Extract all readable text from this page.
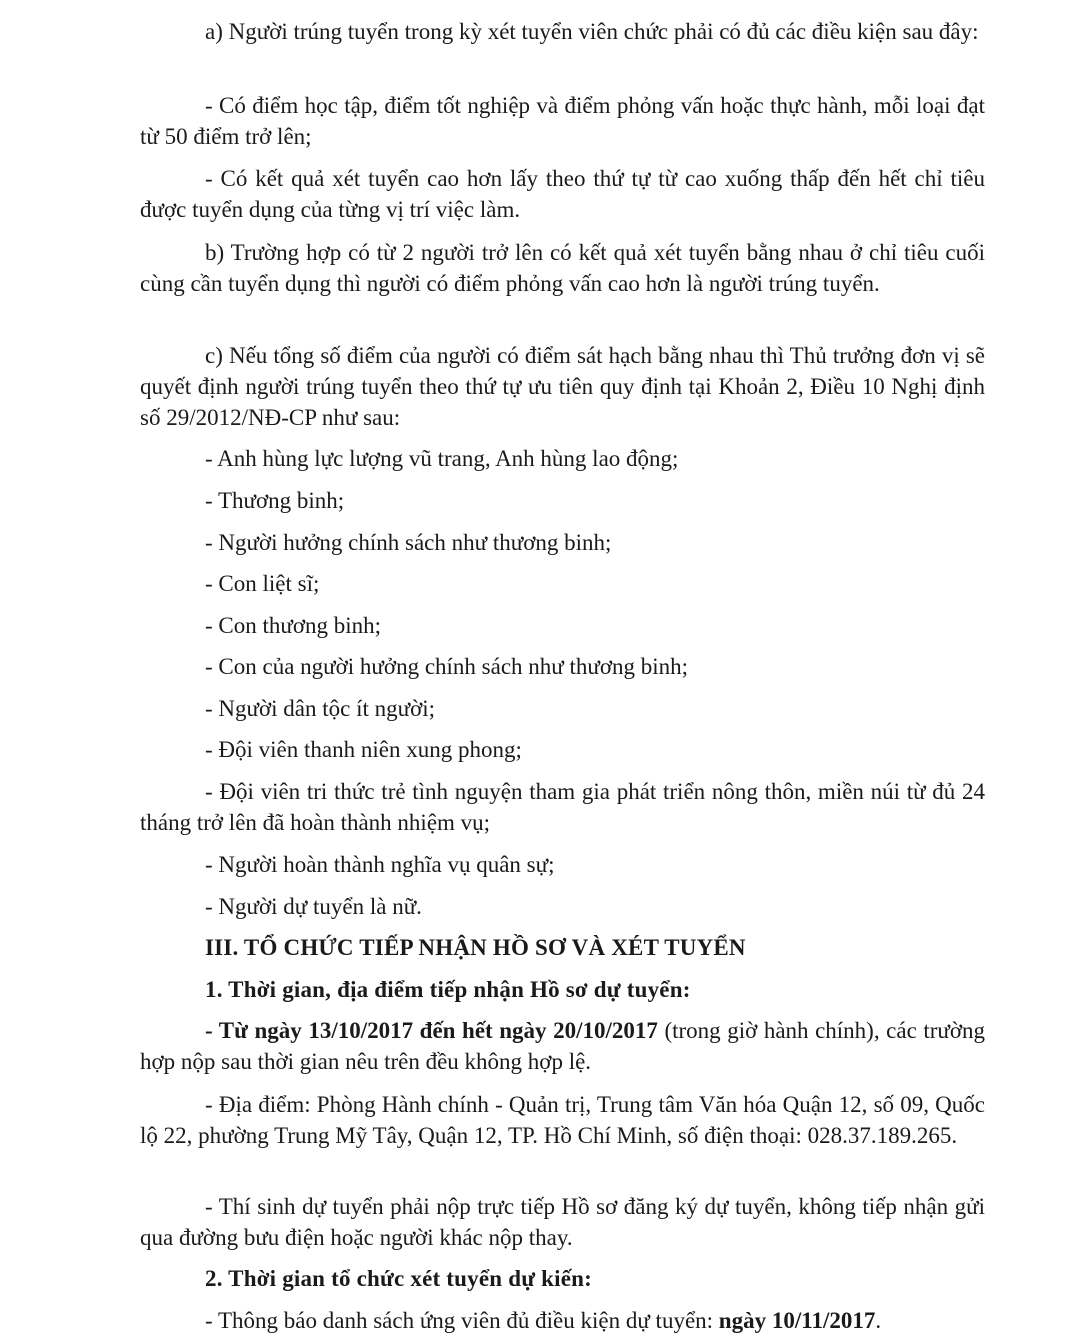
a) Người trúng tuyển trong kỳ xét tuyển viên chức phải có đủ các điều kiện sau đây:

- Có điểm học tập, điểm tốt nghiệp và điểm phỏng vấn hoặc thực hành, mỗi loại đạt từ 50 điểm trở lên;

- Có kết quả xét tuyển cao hơn lấy theo thứ tự từ cao xuống thấp đến hết chỉ tiêu được tuyển dụng của từng vị trí việc làm.

b) Trường hợp có từ 2 người trở lên có kết quả xét tuyển bằng nhau ở chỉ tiêu cuối cùng cần tuyển dụng thì người có điểm phỏng vấn cao hơn là người trúng tuyển.

c) Nếu tổng số điểm của người có điểm sát hạch bằng nhau thì Thủ trưởng đơn vị sẽ quyết định người trúng tuyển theo thứ tự ưu tiên quy định tại Khoản 2, Điều 10 Nghị định số 29/2012/NĐ-CP như sau:

- Anh hùng lực lượng vũ trang, Anh hùng lao động;

- Thương binh;

- Người hưởng chính sách như thương binh;

- Con liệt sĩ;

- Con thương binh;

- Con của người hưởng chính sách như thương binh;

- Người dân tộc ít người;

- Đội viên thanh niên xung phong;

- Đội viên tri thức trẻ tình nguyện tham gia phát triển nông thôn, miền núi từ đủ 24 tháng trở lên đã hoàn thành nhiệm vụ;

- Người hoàn thành nghĩa vụ quân sự;

- Người dự tuyển là nữ.

III. TỔ CHỨC TIẾP NHẬN HỒ SƠ VÀ XÉT TUYỂN

1. Thời gian, địa điểm tiếp nhận Hồ sơ dự tuyển:

- Từ ngày 13/10/2017 đến hết ngày 20/10/2017 (trong giờ hành chính), các trường hợp nộp sau thời gian nêu trên đều không hợp lệ.

- Địa điểm: Phòng Hành chính - Quản trị, Trung tâm Văn hóa Quận 12, số 09, Quốc lộ 22, phường Trung Mỹ Tây, Quận 12, TP. Hồ Chí Minh, số điện thoại: 028.37.189.265.

- Thí sinh dự tuyển phải nộp trực tiếp Hồ sơ đăng ký dự tuyển, không tiếp nhận gửi qua đường bưu điện hoặc người khác nộp thay.

2. Thời gian tổ chức xét tuyển dự kiến:

- Thông báo danh sách ứng viên đủ điều kiện dự tuyển: ngày 10/11/2017.
